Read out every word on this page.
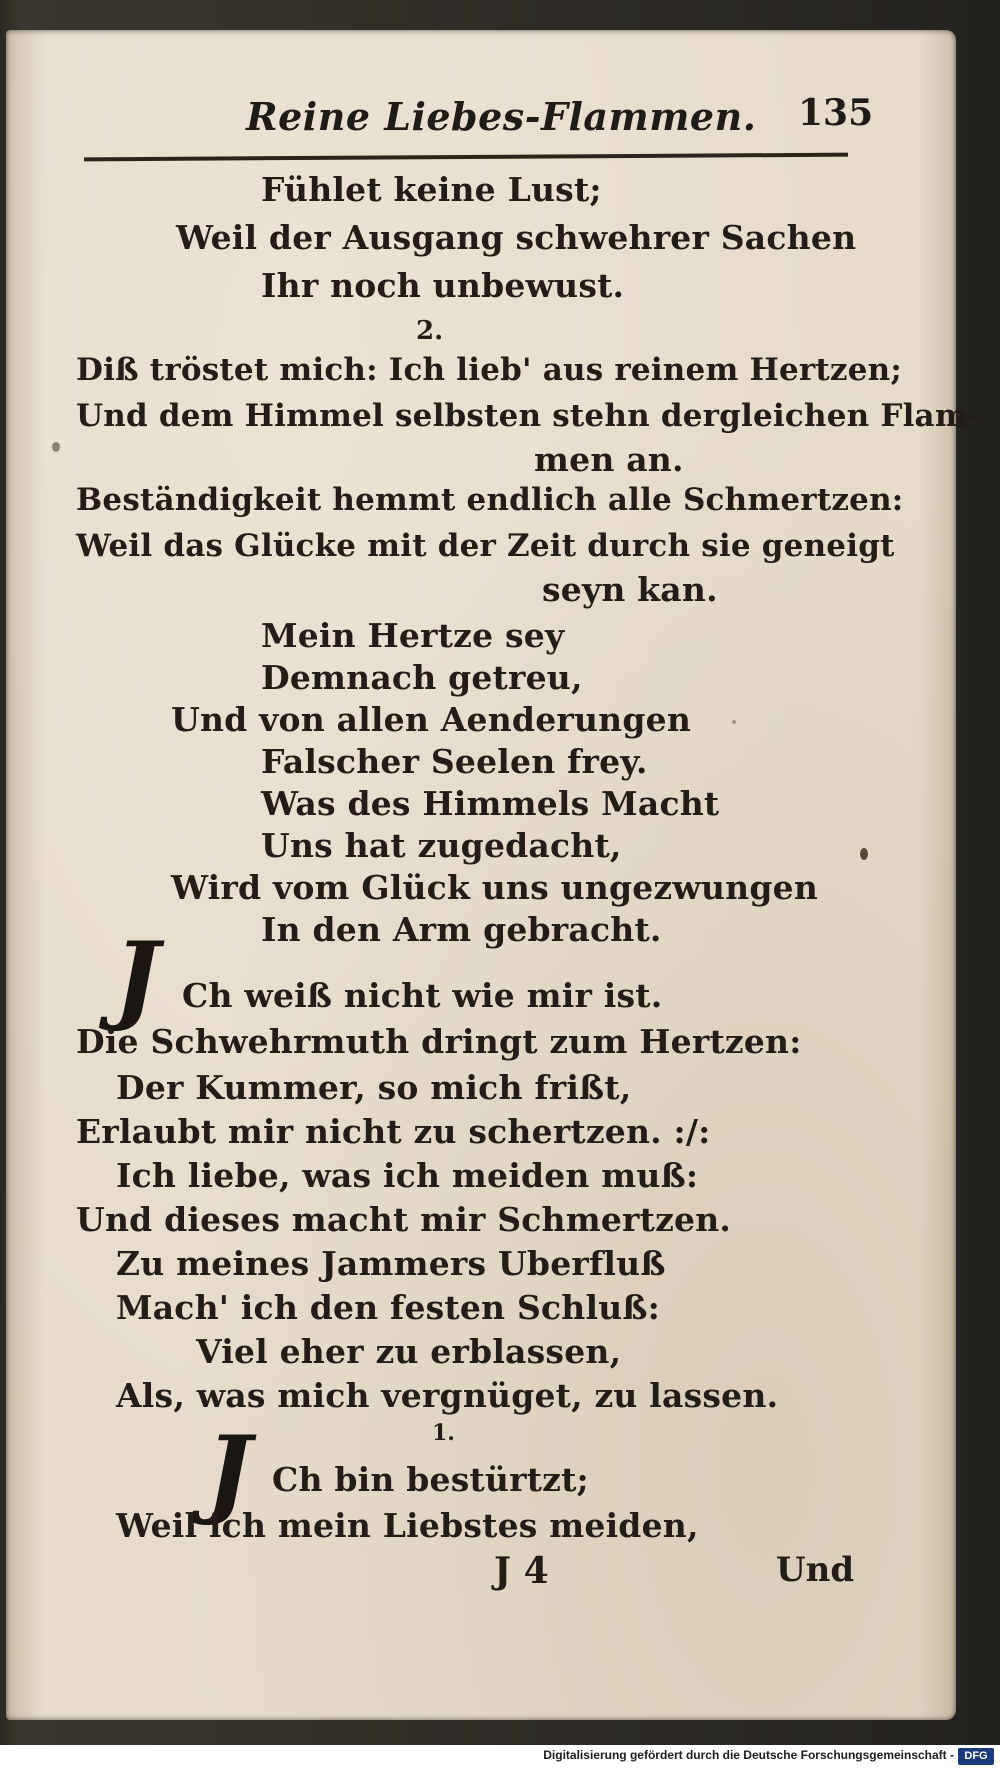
Reine Liebes-Flammen. 135
Fühlet keine Lust;
Weil der Ausgang schwehrer Sachen
Ihr noch unbewust.
2.
Diß tröstet mich: Ich lieb' aus reinem Hertzen;
Und dem Himmel selbsten stehn dergleichen Flam-
men an.
Beständigkeit hemmt endlich alle Schmertzen:
Weil das Glücke mit der Zeit durch sie geneigt
seyn kan.
Mein Hertze sey
Demnach getreu,
Und von allen Aenderungen
Falscher Seelen frey.
Was des Himmels Macht
Uns hat zugedacht,
Wird vom Glück uns ungezwungen
In den Arm gebracht.
J Ch weiß nicht wie mir ist.
Die Schwehrmuth dringt zum Hertzen:
Der Kummer, so mich frißt,
Erlaubt mir nicht zu schertzen. :/:
Ich liebe, was ich meiden muß:
Und dieses macht mir Schmertzen.
Zu meines Jammers Uberfluß
Mach' ich den festen Schluß:
Viel eher zu erblassen,
Als, was mich vergnüget, zu lassen.
1.
J Ch bin bestürtzt;
Weil ich mein Liebstes meiden,
J 4	Und
Digitalisierung gefördert durch die Deutsche Forschungsgemeinschaft - DFG
